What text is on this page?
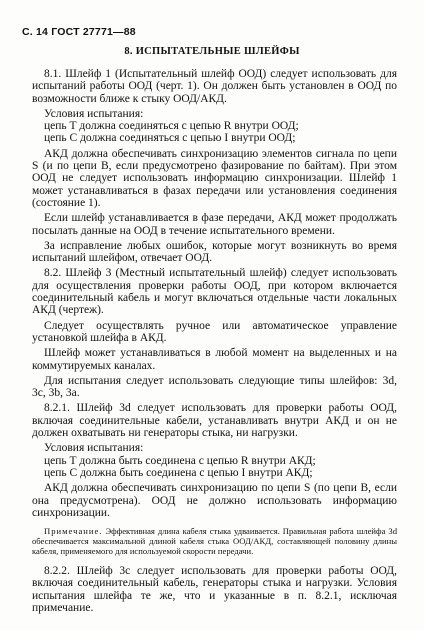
С. 14 ГОСТ 27771—88
8. ИСПЫТАТЕЛЬНЫЕ ШЛЕЙФЫ

8.1. Шлейф 1 (Испытательный шлейф ООД) следует использовать для испытаний работы ООД (черт. 1). Он должен быть установлен в ООД по возможности ближе к стыку ООД/АКД.

Условия испытания:

цепь Т должна соединяться с цепью R внутри ООД;

цепь С должна соединяться с цепью I внутри ООД;

АКД должна обеспечивать синхронизацию элементов сигнала по цепи S (и по цепи В, если предусмотрено фазирование по байтам). При этом ООД не следует использовать информацию синхронизации. Шлейф 1 может устанавливаться в фазах передачи или установления соединения (состояние 1).

Если шлейф устанавливается в фазе передачи, АКД может продолжать посылать данные на ООД в течение испытательного времени.

За исправление любых ошибок, которые могут возникнуть во время испытаний шлейфом, отвечает ООД.

8.2. Шлейф 3 (Местный испытательный шлейф) следует использовать для осуществления проверки работы ООД, при котором включается соединительный кабель и могут включаться отдельные части локальных АКД (чертеж).

Следует осуществлять ручное или автоматическое управление установкой шлейфа в АКД.

Шлейф может устанавливаться в любой момент на выделенных и на коммутируемых каналах.

Для испытания следует использовать следующие типы шлейфов: 3d, 3c, 3b, 3a.

8.2.1. Шлейф 3d следует использовать для проверки работы ООД, включая соединительные кабели, устанавливать внутри АКД и он не должен охватывать ни генераторы стыка, ни нагрузки.

Условия испытания:

цепь Т должна быть соединена с цепью R внутри АКД;

цепь С должна быть соединена с цепью I внутри АКД;

АКД должна обеспечивать синхронизацию по цепи S (по цепи В, если она предусмотрена). ООД не должно использовать информацию синхронизации.

Примечание. Эффективная длина кабеля стыка удваивается. Правильная работа шлейфа 3d обеспечивается максимальной длиной кабеля стыка ООД/АКД, составляющей половину длины кабеля, применяемого для используемой скорости передачи.

8.2.2. Шлейф 3c следует использовать для проверки работы ООД, включая соединительный кабель, генераторы стыка и нагрузки. Условия испытания шлейфа те же, что и указанные в п. 8.2.1, исключая примечание.
